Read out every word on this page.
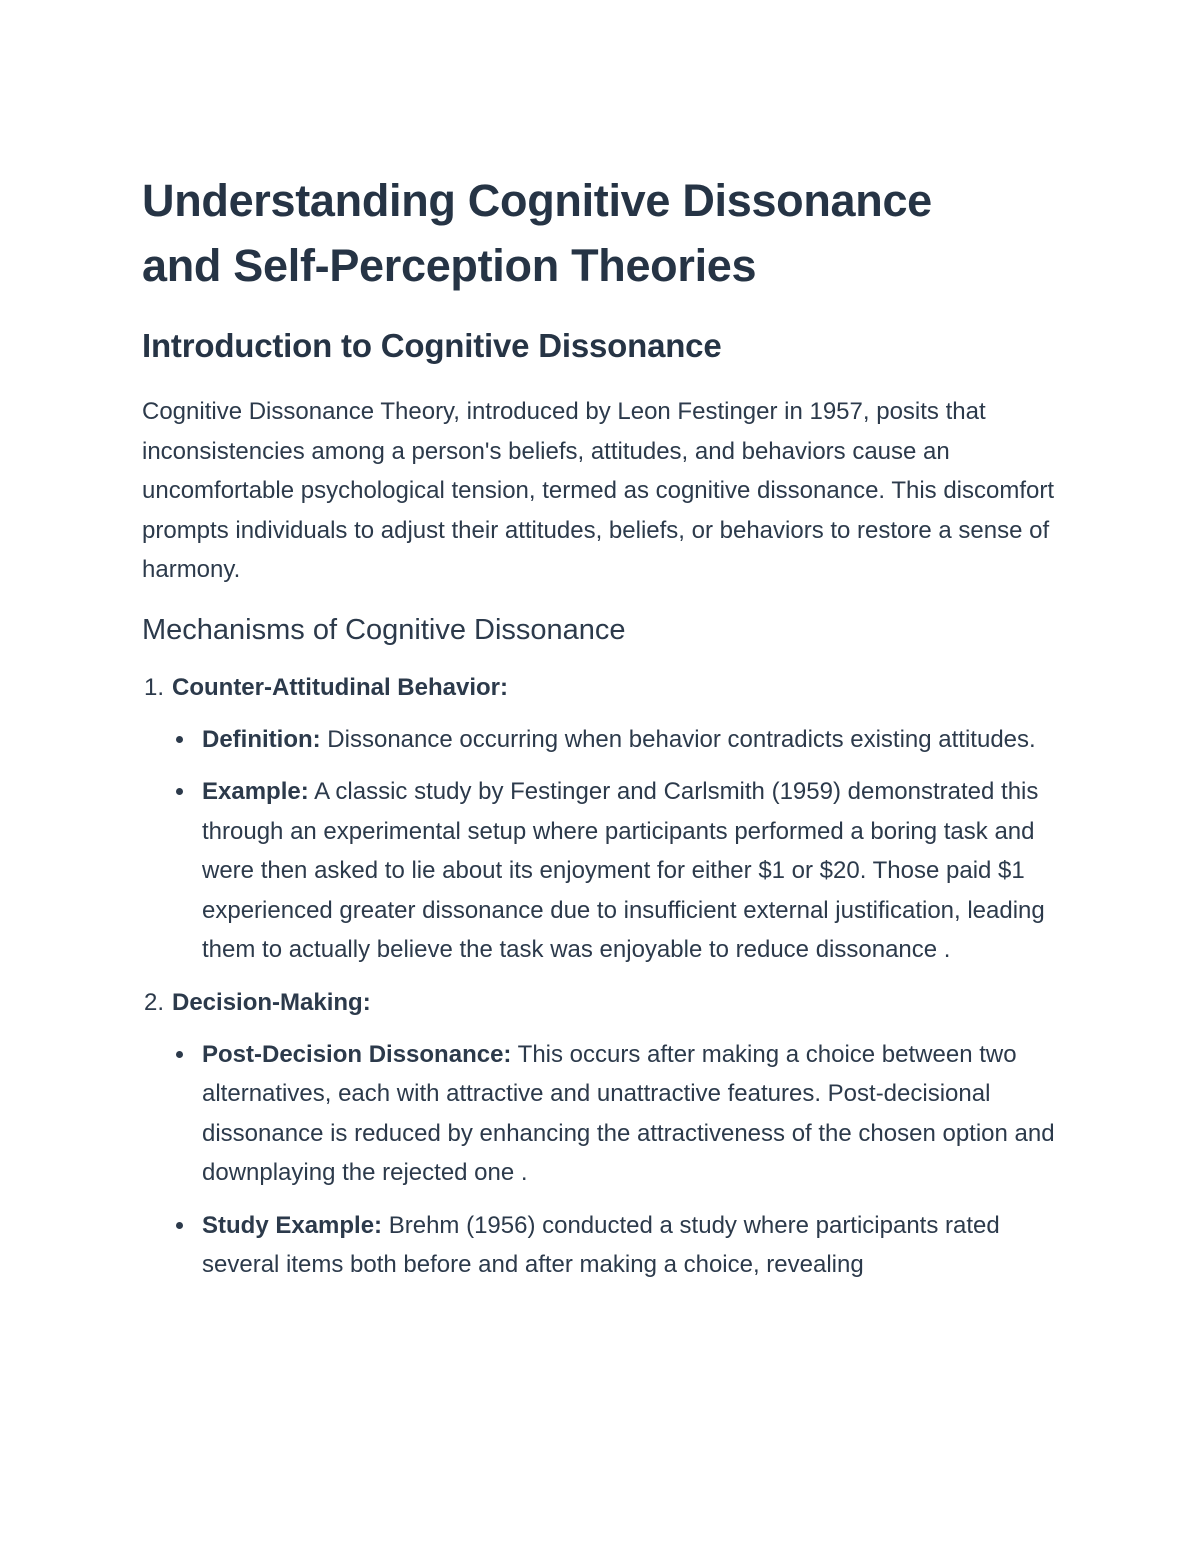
Understanding Cognitive Dissonance
and Self-Perception Theories
Introduction to Cognitive Dissonance

Cognitive Dissonance Theory, introduced by Leon Festinger in 1957, posits that inconsistencies among a person's beliefs, attitudes, and behaviors cause an uncomfortable psychological tension, termed as cognitive dissonance. This discomfort prompts individuals to adjust their attitudes, beliefs, or behaviors to restore a sense of harmony.

Mechanisms of Cognitive Dissonance
1. Counter-Attitudinal Behavior:
Definition: Dissonance occurring when behavior contradicts existing attitudes.
Example: A classic study by Festinger and Carlsmith (1959) demonstrated this through an experimental setup where participants performed a boring task and were then asked to lie about its enjoyment for either $1 or $20. Those paid $1 experienced greater dissonance due to insufficient external justification, leading them to actually believe the task was enjoyable to reduce dissonance .
2. Decision-Making:
Post-Decision Dissonance: This occurs after making a choice between two alternatives, each with attractive and unattractive features. Post-decisional dissonance is reduced by enhancing the attractiveness of the chosen option and downplaying the rejected one .
Study Example: Brehm (1956) conducted a study where participants rated several items both before and after making a choice, revealing
